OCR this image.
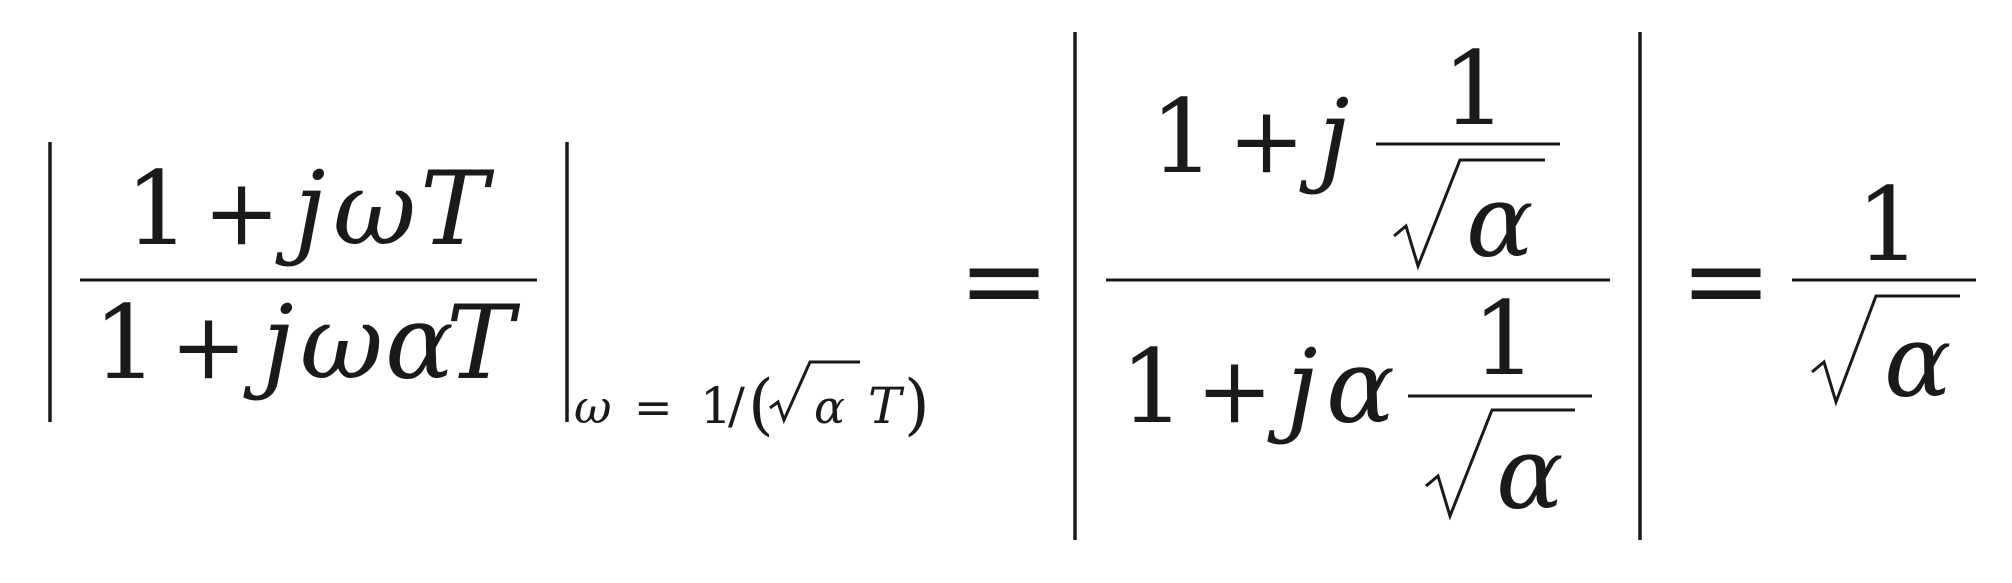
1 + j ω T
1 + j ω α
T
ω = 1
/ ( α T )
=
1 + j 1
α
1 + j α 1
α
= 1
α
